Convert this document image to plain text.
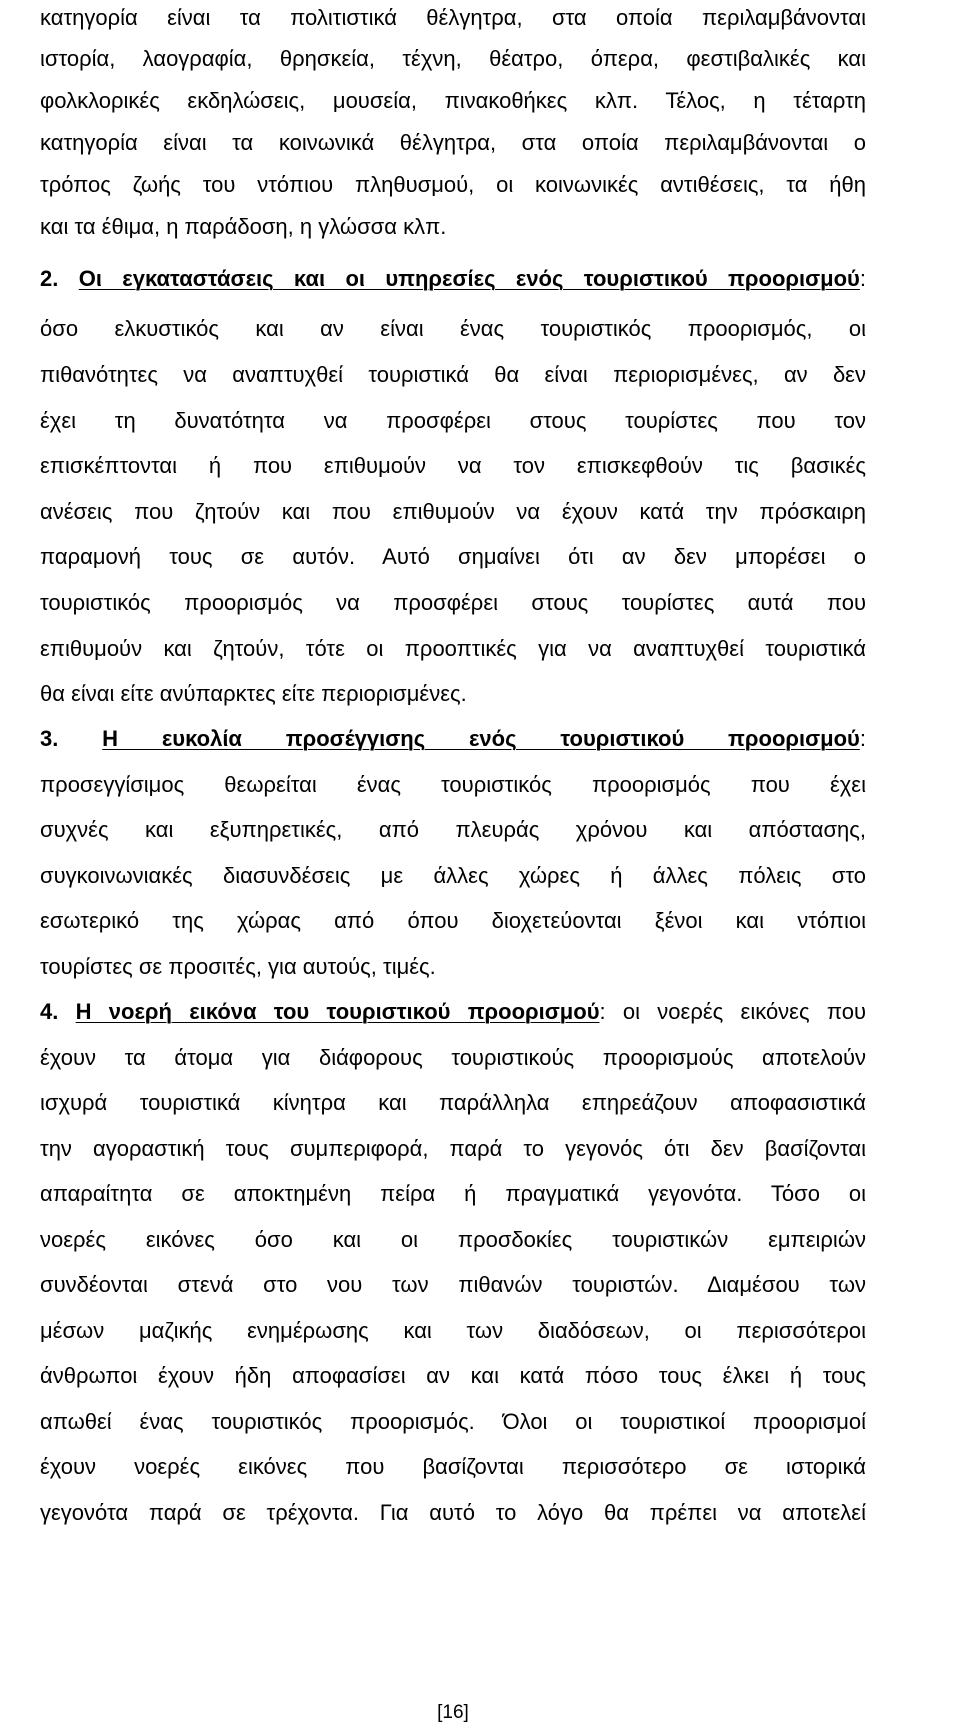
κατηγορία είναι τα πολιτιστικά θέλγητρα, στα οποία περιλαμβάνονται
ιστορία, λαογραφία, θρησκεία, τέχνη, θέατρο, όπερα, φεστιβαλικές και
φολκλορικές εκδηλώσεις, μουσεία, πινακοθήκες κλπ. Τέλος, η τέταρτη
κατηγορία είναι τα κοινωνικά θέλγητρα, στα οποία περιλαμβάνονται ο
τρόπος ζωής του ντόπιου πληθυσμού, οι κοινωνικές αντιθέσεις, τα ήθη
και τα έθιμα, η παράδοση, η γλώσσα κλπ.
2. Οι εγκαταστάσεις και οι υπηρεσίες ενός τουριστικού προορισμού:
όσο ελκυστικός και αν είναι ένας τουριστικός προορισμός, οι
πιθανότητες να αναπτυχθεί τουριστικά θα είναι περιορισμένες, αν δεν
έχει τη δυνατότητα να προσφέρει στους τουρίστες που τον
επισκέπτονται ή που επιθυμούν να τον επισκεφθούν τις βασικές
ανέσεις που ζητούν και που επιθυμούν να έχουν κατά την πρόσκαιρη
παραμονή τους σε αυτόν. Αυτό σημαίνει ότι αν δεν μπορέσει ο
τουριστικός προορισμός να προσφέρει στους τουρίστες αυτά που
επιθυμούν και ζητούν, τότε οι προοπτικές για να αναπτυχθεί τουριστικά
θα είναι είτε ανύπαρκτες είτε περιορισμένες.
3. Η ευκολία προσέγγισης ενός τουριστικού προορισμού:
προσεγγίσιμος θεωρείται ένας τουριστικός προορισμός που έχει
συχνές και εξυπηρετικές, από πλευράς χρόνου και απόστασης,
συγκοινωνιακές διασυνδέσεις με άλλες χώρες ή άλλες πόλεις στο
εσωτερικό της χώρας από όπου διοχετεύονται ξένοι και ντόπιοι
τουρίστες σε προσιτές, για αυτούς, τιμές.
4. Η νοερή εικόνα του τουριστικού προορισμού: οι νοερές εικόνες που
έχουν τα άτομα για διάφορους τουριστικούς προορισμούς αποτελούν
ισχυρά τουριστικά κίνητρα και παράλληλα επηρεάζουν αποφασιστικά
την αγοραστική τους συμπεριφορά, παρά το γεγονός ότι δεν βασίζονται
απαραίτητα σε αποκτημένη πείρα ή πραγματικά γεγονότα. Τόσο οι
νοερές εικόνες όσο και οι προσδοκίες τουριστικών εμπειριών
συνδέονται στενά στο νου των πιθανών τουριστών. Διαμέσου των
μέσων μαζικής ενημέρωσης και των διαδόσεων, οι περισσότεροι
άνθρωποι έχουν ήδη αποφασίσει αν και κατά πόσο τους έλκει ή τους
απωθεί ένας τουριστικός προορισμός. Όλοι οι τουριστικοί προορισμοί
έχουν νοερές εικόνες που βασίζονται περισσότερο σε ιστορικά
γεγονότα παρά σε τρέχοντα. Για αυτό το λόγο θα πρέπει να αποτελεί
[16]
